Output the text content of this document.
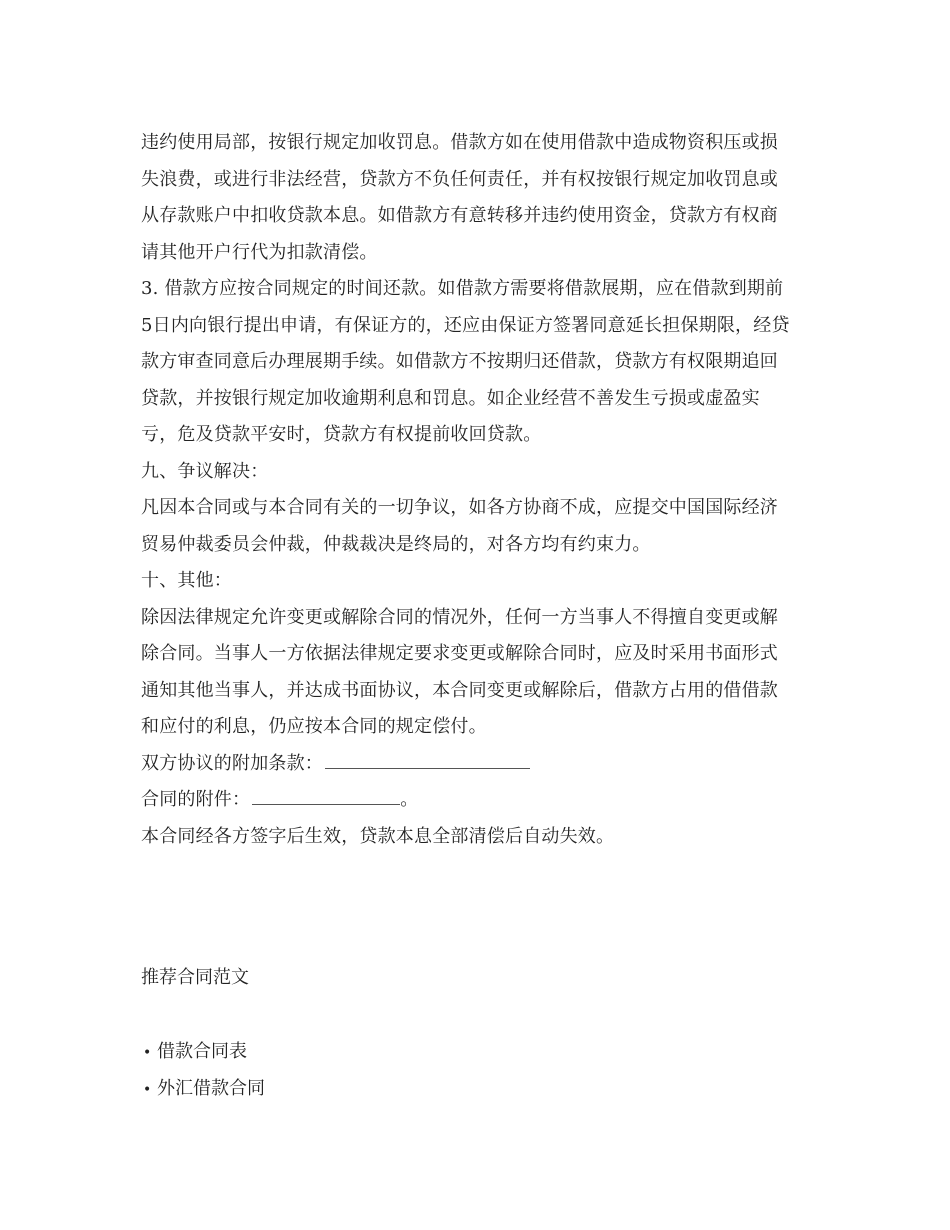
违约使用局部，按银行规定加收罚息。借款方如在使用借款中造成物资积压或损
失浪费，或进行非法经营，贷款方不负任何责任，并有权按银行规定加收罚息或
从存款账户中扣收贷款本息。如借款方有意转移并违约使用资金，贷款方有权商
请其他开户行代为扣款清偿。
3. 借款方应按合同规定的时间还款。如借款方需要将借款展期，应在借款到期前
5日内向银行提出申请，有保证方的，还应由保证方签署同意延长担保期限，经贷
款方审查同意后办理展期手续。如借款方不按期归还借款，贷款方有权限期追回
贷款，并按银行规定加收逾期利息和罚息。如企业经营不善发生亏损或虚盈实
亏，危及贷款平安时，贷款方有权提前收回贷款。
九、争议解决：
凡因本合同或与本合同有关的一切争议，如各方协商不成，应提交中国国际经济
贸易仲裁委员会仲裁，仲裁裁决是终局的，对各方均有约束力。
十、其他：
除因法律规定允许变更或解除合同的情况外，任何一方当事人不得擅自变更或解
除合同。当事人一方依据法律规定要求变更或解除合同时，应及时采用书面形式
通知其他当事人，并达成书面协议，本合同变更或解除后，借款方占用的借借款
和应付的利息，仍应按本合同的规定偿付。
双方协议的附加条款：
合同的附件：	。
本合同经各方签字后生效，贷款本息全部清偿后自动失效。
推荐合同范文
• 借款合同表
• 外汇借款合同
